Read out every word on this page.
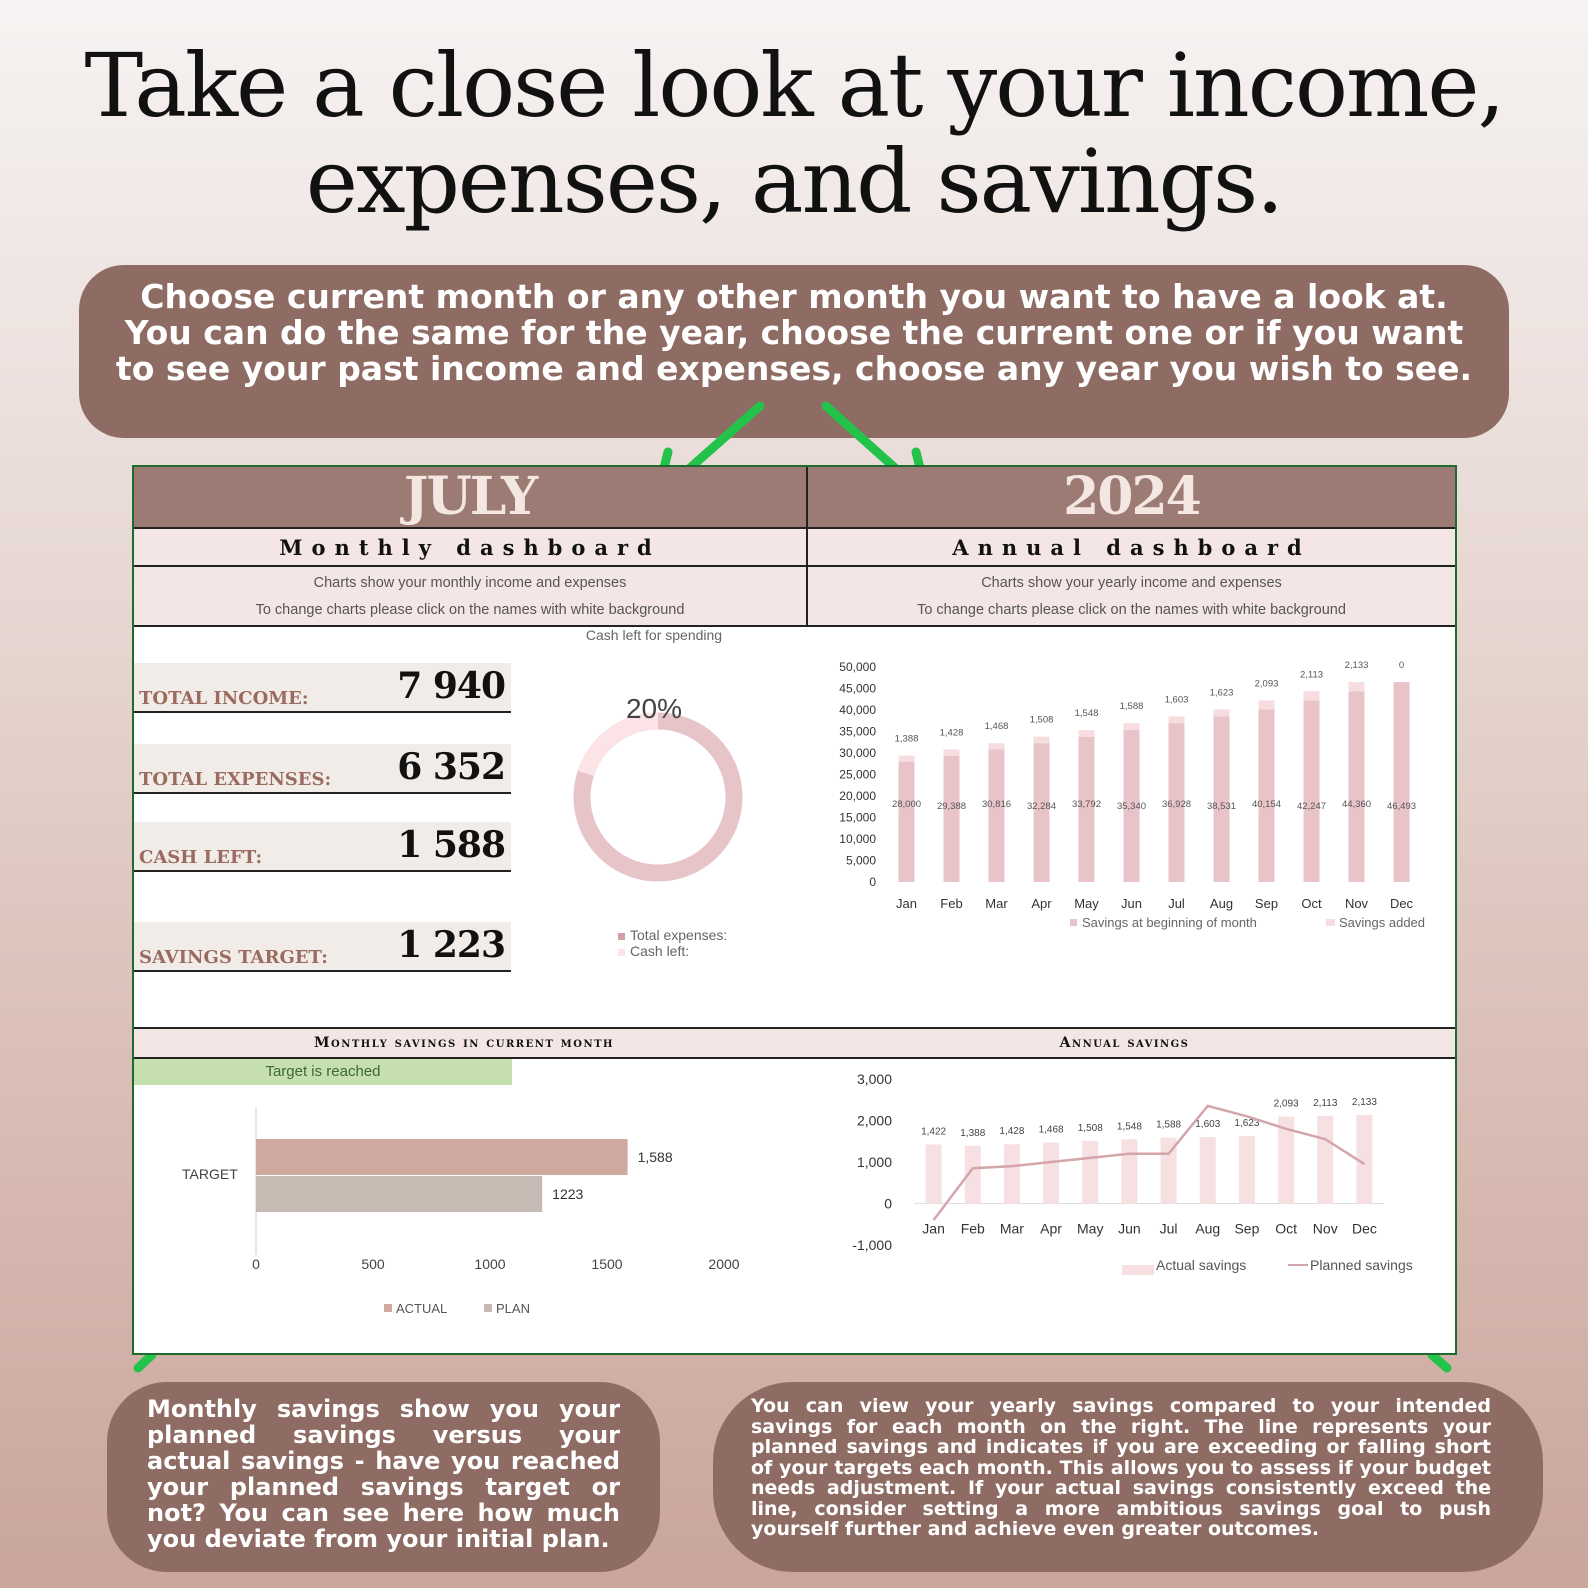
Take a close look at your income,
expenses, and savings.
Choose current month or any other month you want to have a look at.
You can do the same for the year, choose the current one or if you want
to see your past income and expenses, choose any year you wish to see.
JULY	2024
Monthly dashboard	Annual dashboard
Charts show your monthly income and expenses
To change charts please click on the names with white background
Charts show your yearly income and expenses
To change charts please click on the names with white background
TOTAL INCOME: 7 940
TOTAL EXPENSES: 6 352
CASH LEFT:	1 588
SAVINGS TARGET: 1 223
Cash left for spending
20%
Total expenses:
Cash left:
0
5,000
10,000
15,000
20,000
25,000
30,000
35,000
40,000
45,000
50,000
28,000
1,388
Jan
29,388
1,428
Feb
30,816
1,468
Mar
32,284
1,508
Apr
33,792
1,548
May
35,340
1,588
Jun
36,928
1,603
Jul
38,531
1,623
Aug
40,154
2,093
Sep
42,247
2,113
Oct
44,360
2,133
Nov
46,493
0
Dec
Savings at beginning of month	Savings added
Monthly savings in current month	Annual savings
Target is reached
1,588
1223
TARGET
0	500	1000	1500	2000
ACTUAL	PLAN
-1,000
0
1,000
2,000
3,000
1,422
Jan
1,388
Feb
1,428
Mar
1,468
Apr
1,508
May
1,548
Jun
1,588
Jul
1,603
Aug
1,623
Sep
2,093
Oct
2,113
Nov
2,133
Dec
Actual savings	Planned savings
Monthly savings show you your planned savings versus your actual savings - have you reached your planned savings target or not? You can see here how much you deviate from your initial plan.
You can view your yearly savings compared to your intended savings for each month on the right. The line represents your planned savings and indicates if you are exceeding or falling short of your targets each month. This allows you to assess if your budget needs adjustment. If your actual savings consistently exceed the line, consider setting a more ambitious savings goal to push yourself further and achieve even greater outcomes.
